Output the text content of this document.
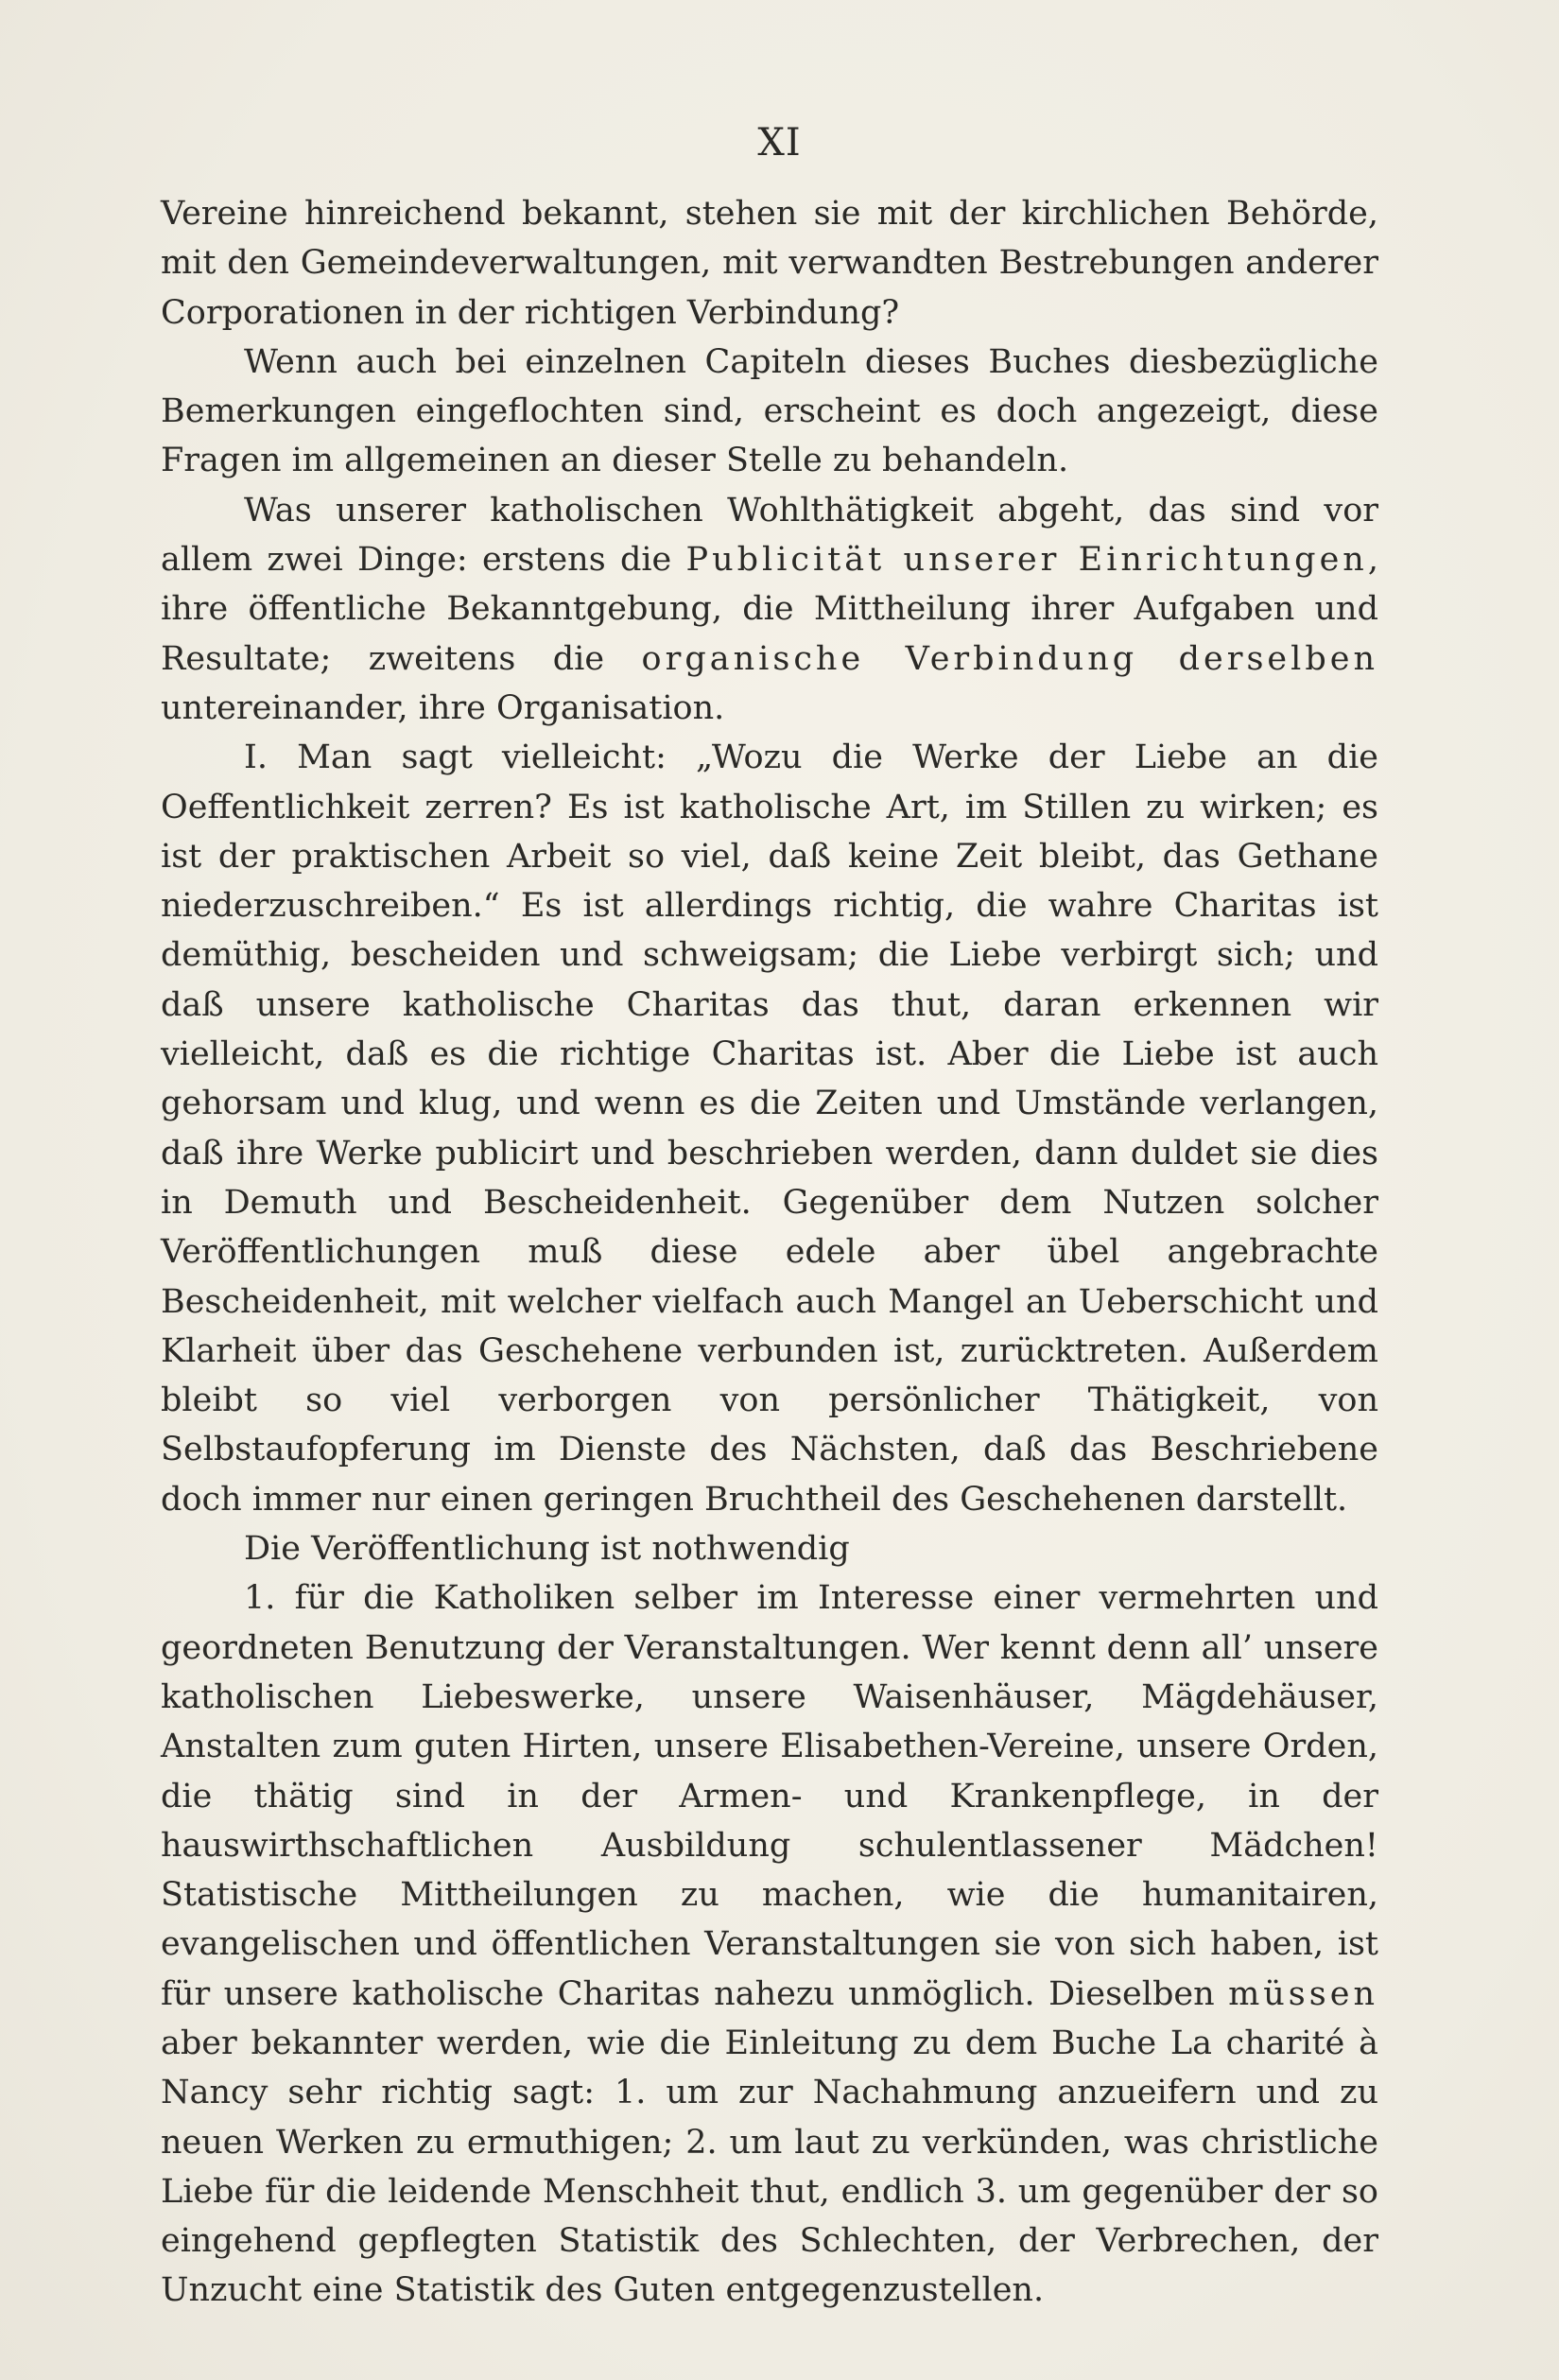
XI

Vereine hinreichend bekannt, stehen sie mit der kirchlichen Behörde, mit den Gemeindeverwaltungen, mit verwandten Bestrebungen anderer Corporationen in der richtigen Verbindung?

Wenn auch bei einzelnen Capiteln dieses Buches diesbezügliche Bemerkungen eingeflochten sind, erscheint es doch angezeigt, diese Fragen im allgemeinen an dieser Stelle zu behandeln.

Was unserer katholischen Wohlthätigkeit abgeht, das sind vor allem zwei Dinge: erstens die Publicität unserer Einrichtungen, ihre öffentliche Bekanntgebung, die Mittheilung ihrer Aufgaben und Resultate; zweitens die organische Verbindung derselben untereinander, ihre Organisation.

I. Man sagt vielleicht: „Wozu die Werke der Liebe an die Oeffentlichkeit zerren? Es ist katholische Art, im Stillen zu wirken; es ist der praktischen Arbeit so viel, daß keine Zeit bleibt, das Gethane niederzuschreiben.“ Es ist allerdings richtig, die wahre Charitas ist demüthig, bescheiden und schweigsam; die Liebe verbirgt sich; und daß unsere katholische Charitas das thut, daran erkennen wir vielleicht, daß es die richtige Charitas ist. Aber die Liebe ist auch gehorsam und klug, und wenn es die Zeiten und Umstände verlangen, daß ihre Werke publicirt und beschrieben werden, dann duldet sie dies in Demuth und Bescheidenheit. Gegenüber dem Nutzen solcher Veröffentlichungen muß diese edele aber übel angebrachte Bescheidenheit, mit welcher vielfach auch Mangel an Ueberschicht und Klarheit über das Geschehene verbunden ist, zurücktreten. Außerdem bleibt so viel verborgen von persönlicher Thätigkeit, von Selbstaufopferung im Dienste des Nächsten, daß das Beschriebene doch immer nur einen geringen Bruchtheil des Geschehenen darstellt.

Die Veröffentlichung ist nothwendig

1. für die Katholiken selber im Interesse einer vermehrten und geordneten Benutzung der Veranstaltungen. Wer kennt denn all’ unsere katholischen Liebeswerke, unsere Waisenhäuser, Mägdehäuser, Anstalten zum guten Hirten, unsere Elisabethen-Vereine, unsere Orden, die thätig sind in der Armen- und Krankenpflege, in der hauswirthschaftlichen Ausbildung schulentlassener Mädchen! Statistische Mittheilungen zu machen, wie die humanitairen, evangelischen und öffentlichen Veranstaltungen sie von sich haben, ist für unsere katholische Charitas nahezu unmöglich. Dieselben müssen aber bekannter werden, wie die Einleitung zu dem Buche La charité à Nancy sehr richtig sagt: 1. um zur Nachahmung anzueifern und zu neuen Werken zu ermuthigen; 2. um laut zu verkünden, was christliche Liebe für die leidende Menschheit thut, endlich 3. um gegenüber der so eingehend gepflegten Statistik des Schlechten, der Verbrechen, der Unzucht eine Statistik des Guten entgegenzustellen.
